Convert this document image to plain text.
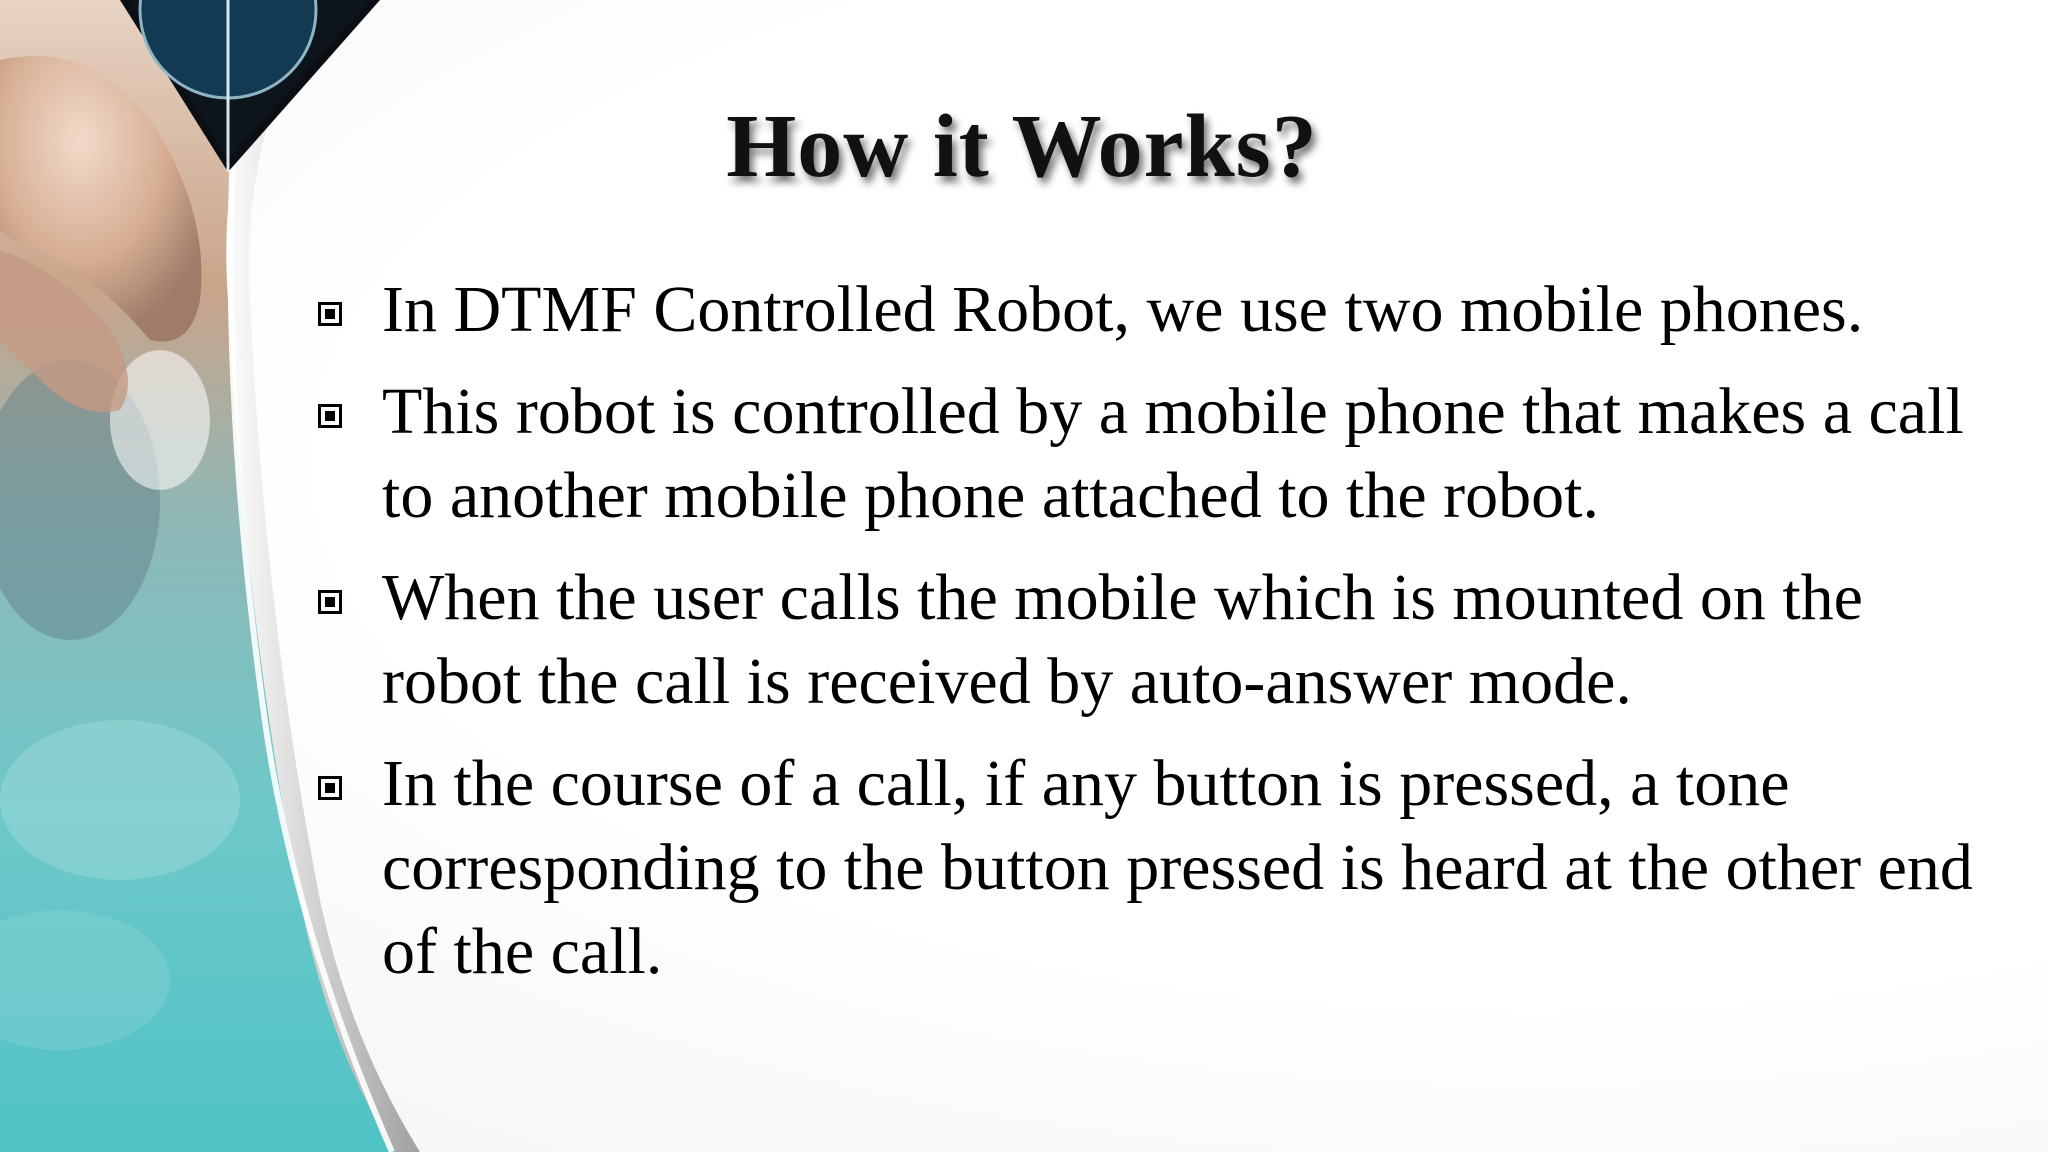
How it Works?
In DTMF Controlled Robot, we use two mobile phones.
This robot is controlled by a mobile phone that makes a call to another mobile phone attached to the robot.
When the user calls the mobile which is mounted on the robot the call is received by auto-answer mode.
In the course of a call, if any button is pressed, a tone corresponding to the button pressed is heard at the other end of the call.
